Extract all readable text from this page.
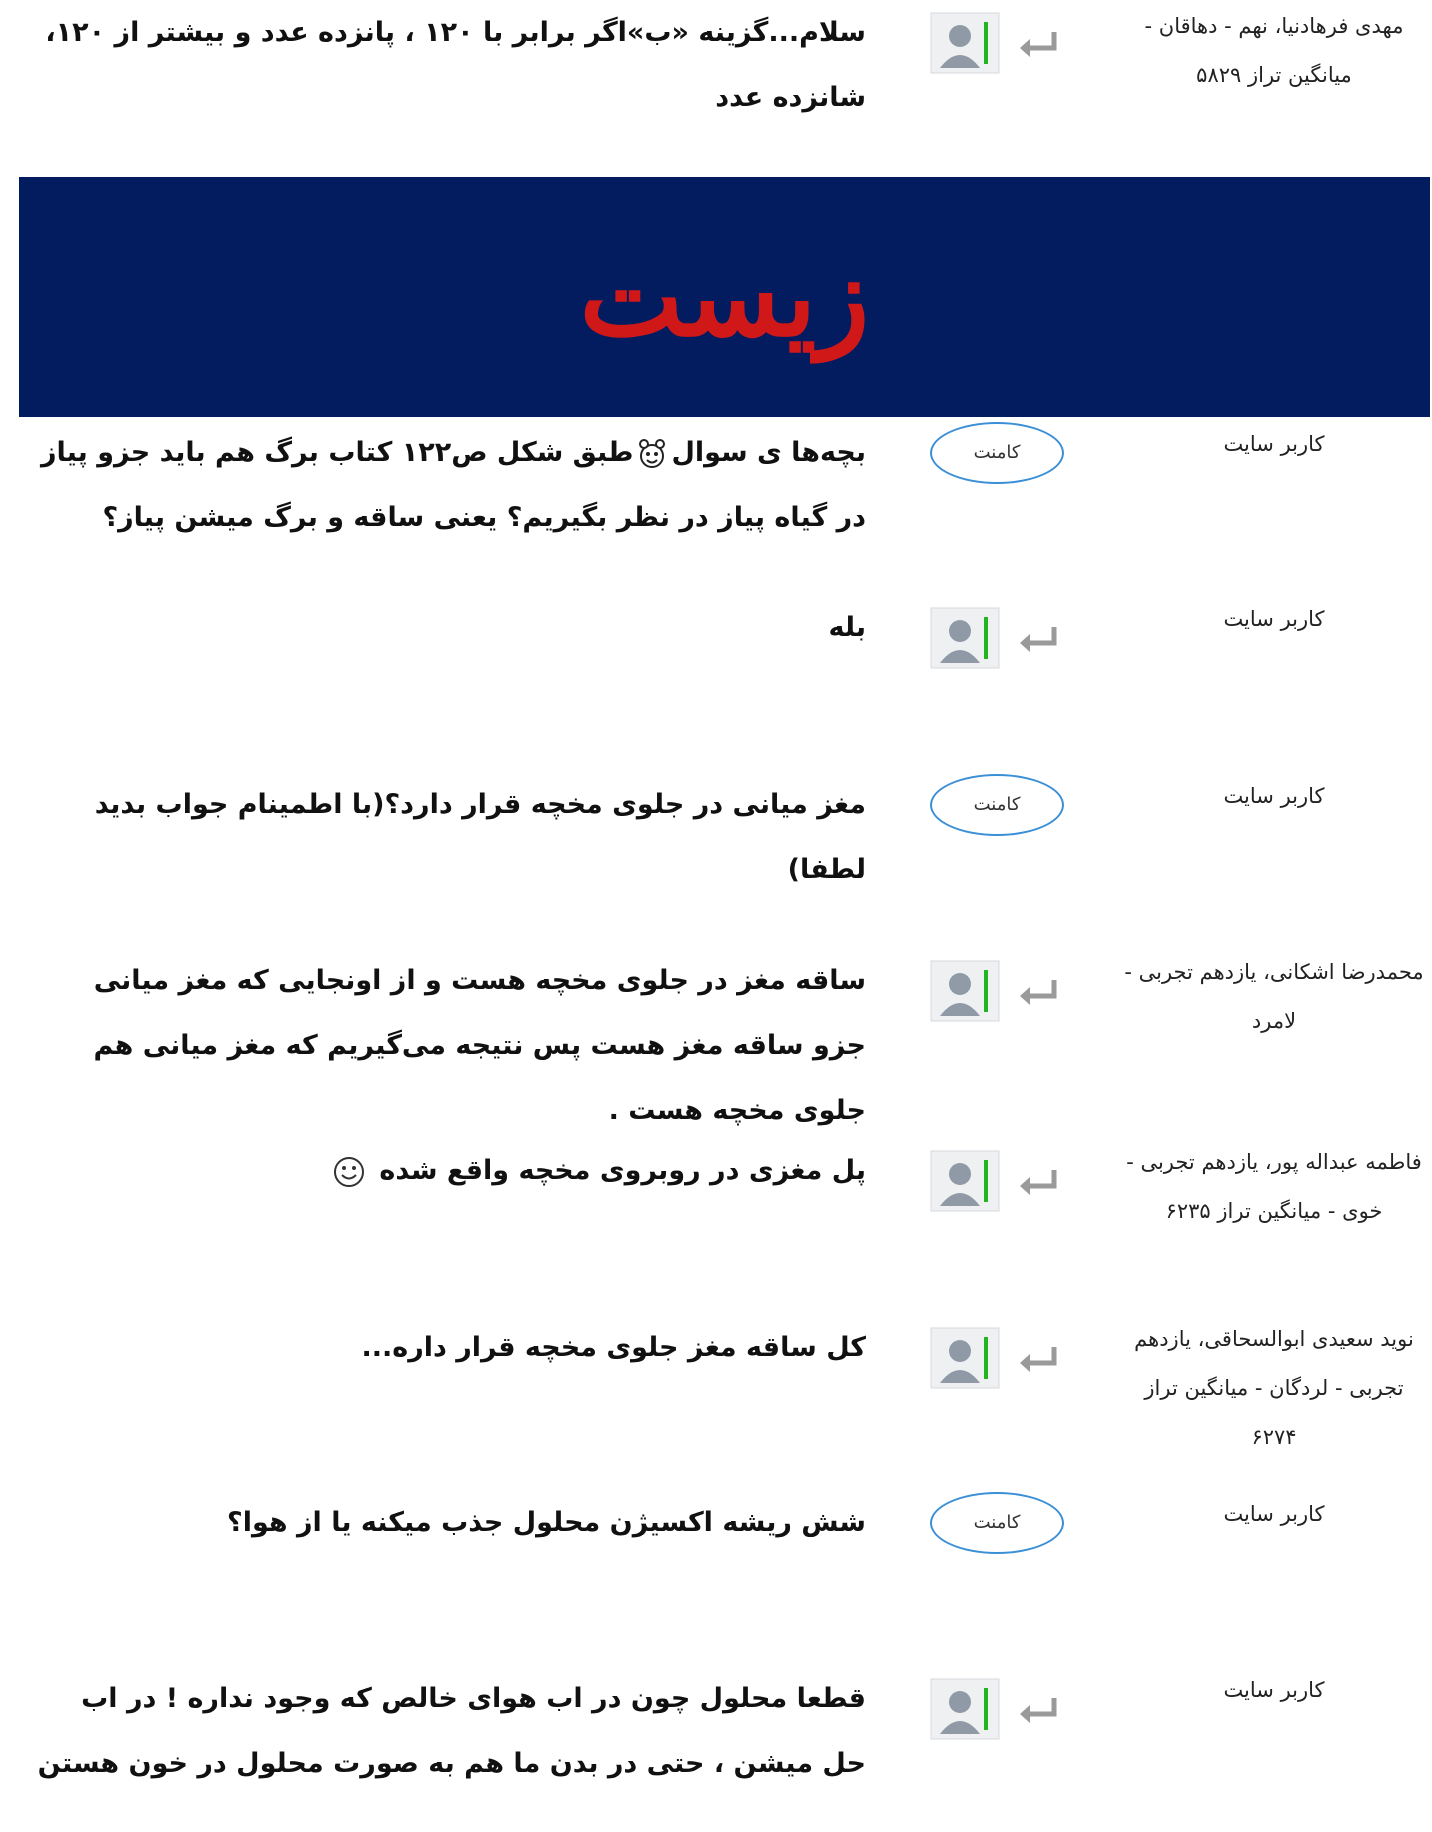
مهدی فرهادنیا، نهم - دهاقان - میانگین تراز ۵۸۲۹
سلام...گزینه «ب»اگر برابر با ۱۲۰ ، پانزده عدد و بیشتر از ۱۲۰، شانزده عدد
زیست
کاربر سایت
کامنت
بچه‌ها ی سوالطبق شکل ص۱۲۲ کتاب برگ هم باید جزو پیاز در گیاه پیاز در نظر بگیریم؟ یعنی ساقه و برگ میشن پیاز؟
کاربر سایت
بله
کاربر سایت
کامنت
مغز میانی در جلوی مخچه قرار دارد؟(با اطمینام جواب بدید لطفا)
محمدرضا اشکانی، یازدهم تجربی - لامرد
ساقه مغز در جلوی مخچه هست و از اونجایی که مغز میانی جزو ساقه مغز هست پس نتیجه می‌گیریم که مغز میانی هم جلوی مخچه هست .
فاطمه عبداله پور، یازدهم تجربی - خوی - میانگین تراز ۶۲۳۵
پل مغزی در روبروی مخچه واقع شده
نوید سعیدی ابوالسحاقی، یازدهم تجربی - لردگان - میانگین تراز ۶۲۷۴
کل ساقه مغز جلوی مخچه قرار داره...
کاربر سایت
کامنت
شش ریشه اکسیژن محلول جذب میکنه یا از هوا؟
کاربر سایت
قطعا محلول چون در اب هوای خالص که وجود نداره ! در اب حل میشن ، حتی در بدن ما هم به صورت محلول در خون هستن
